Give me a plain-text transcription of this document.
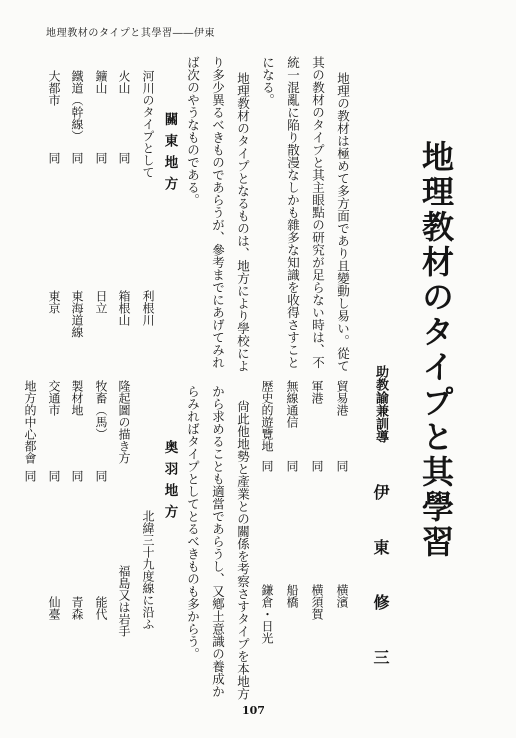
地理教材のタイプと其學習――伊東
地理教材のタイプと其學習
助教諭兼訓導 伊 東 修 三
地理の教材は極めて多方面であり且變動し易い。從て
其の教材のタイプと其主眼點の研究が足らない時は、不
統一混亂に陥り散漫なしかも雜多な知識を收得さすこと
になる。
地理教材のタイプとなるものは、地方により學校によ
り多少異るべきものであらうが、參考までにあげてみれ
ば次のやうなものである。
關東地方
河川のタイプとして
利根川
火山
同
箱根山
鑛山
同
日立
鐵道（幹線）
同
東海道線
大都市
同
東京
貿易港
同
横濱
軍港
同
横須賀
無線通信
同
船橋
歴史的遊覽地
同
鎌倉・日光
尙此他地勢と產業との關係を考察さすタイプを本地方
から求めることも適當であらうし、又鄕土意識の養成か
らみればタイプとしてとるべきものも多からう。
奥羽地方
北緯三十九度線に沿ふ
隆起圖の描き方
福島又は岩手
牧畜（馬）
同
能代
製材地
同
青森
交通市
同
仙臺
地方的中心都會
同
107
